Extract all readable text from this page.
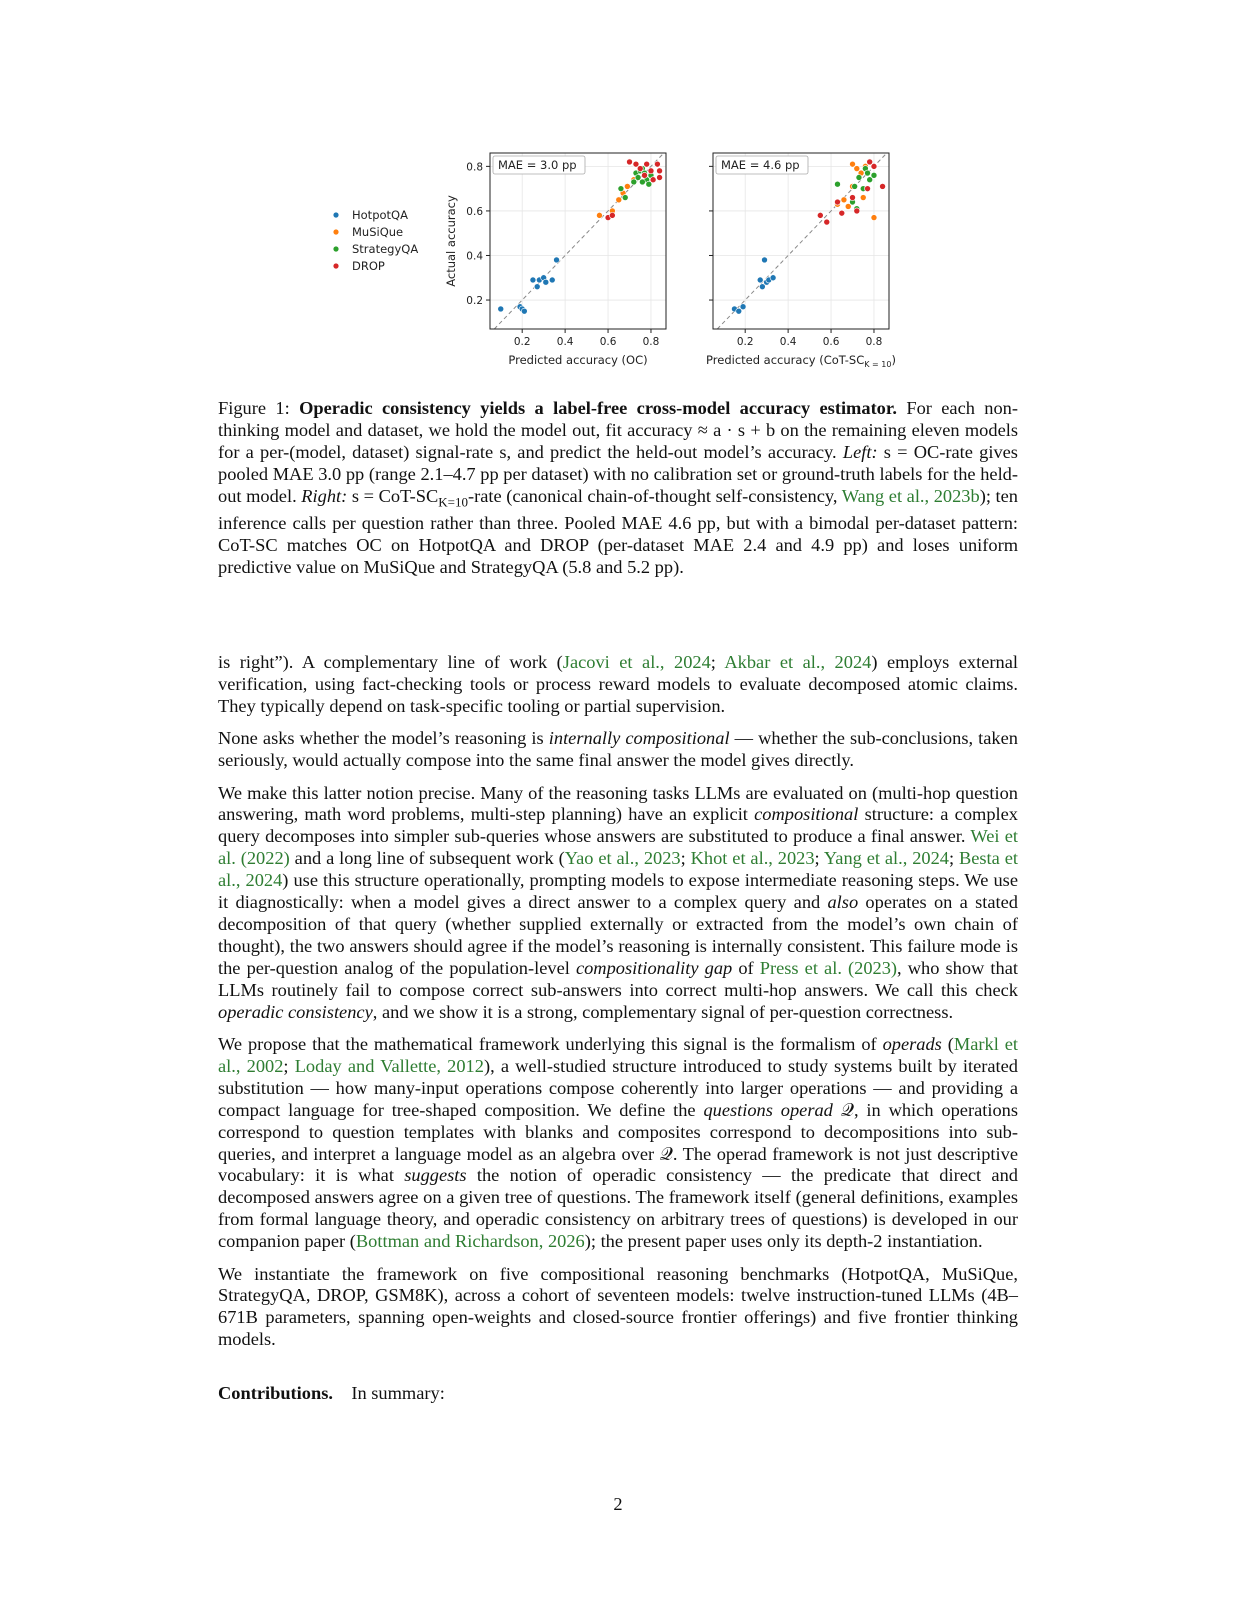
HotpotQA
MuSiQue
StrategyQA
DROP
0.2
0.2
0.4
0.4
0.6
0.6
0.8
0.8 MAE = 3.0 pp
Predicted accuracy (OC)
Actual accuracy
0.2 0.4 0.6 0.8
MAE = 4.6 pp
Predicted accuracy $(CoT-SC_{K = 10})$
Figure 1: Operadic consistency yields a label-free cross-model accuracy estimator. For each non-thinking model and dataset, we hold the model out, fit accuracy ≈ a · s + b on the remaining eleven models for a per-(model, dataset) signal-rate s, and predict the held-out model’s accuracy. Left: s = OC-rate gives pooled MAE 3.0 pp (range 2.1–4.7 pp per dataset) with no calibration set or ground-truth labels for the held-out model. Right: s = CoT-$SC_{K=10}$-rate (canonical chain-of-thought self-consistency, Wang et al., 2023b); ten inference calls per question rather than three. Pooled MAE 4.6 pp, but with a bimodal per-dataset pattern: CoT-SC matches OC on HotpotQA and DROP (per-dataset MAE 2.4 and 4.9 pp) and loses uniform predictive value on MuSiQue and StrategyQA (5.8 and 5.2 pp).

is right”). A complementary line of work (Jacovi et al., 2024; Akbar et al., 2024) employs external verification, using fact-checking tools or process reward models to evaluate decomposed atomic claims. They typically depend on task-specific tooling or partial supervision.

None asks whether the model’s reasoning is internally compositional — whether the sub-conclusions, taken seriously, would actually compose into the same final answer the model gives directly.

We make this latter notion precise. Many of the reasoning tasks LLMs are evaluated on (multi-hop question answering, math word problems, multi-step planning) have an explicit compositional structure: a complex query decomposes into simpler sub-queries whose answers are substituted to produce a final answer. Wei et al. (2022) and a long line of subsequent work (Yao et al., 2023; Khot et al., 2023; Yang et al., 2024; Besta et al., 2024) use this structure operationally, prompting models to expose intermediate reasoning steps. We use it diagnostically: when a model gives a direct answer to a complex query and also operates on a stated decomposition of that query (whether supplied externally or extracted from the model’s own chain of thought), the two answers should agree if the model’s reasoning is internally consistent. This failure mode is the per-question analog of the population-level compositionality gap of Press et al. (2023), who show that LLMs routinely fail to compose correct sub-answers into correct multi-hop answers. We call this check operadic consistency, and we show it is a strong, complementary signal of per-question correctness.

We propose that the mathematical framework underlying this signal is the formalism of operads (Markl et al., 2002; Loday and Vallette, 2012), a well-studied structure introduced to study systems built by iterated substitution — how many-input operations compose coherently into larger operations — and providing a compact language for tree-shaped composition. We define the questions operad 𝒬, in which operations correspond to question templates with blanks and composites correspond to decompositions into sub-queries, and interpret a language model as an algebra over 𝒬. The operad framework is not just descriptive vocabulary: it is what suggests the notion of operadic consistency — the predicate that direct and decomposed answers agree on a given tree of questions. The framework itself (general definitions, examples from formal language theory, and operadic consistency on arbitrary trees of questions) is developed in our companion paper (Bottman and Richardson, 2026); the present paper uses only its depth-2 instantiation.

We instantiate the framework on five compositional reasoning benchmarks (HotpotQA, MuSiQue, StrategyQA, DROP, GSM8K), across a cohort of seventeen models: twelve instruction-tuned LLMs (4B–671B parameters, spanning open-weights and closed-source frontier offerings) and five frontier thinking models.

Contributions. In summary:

2
